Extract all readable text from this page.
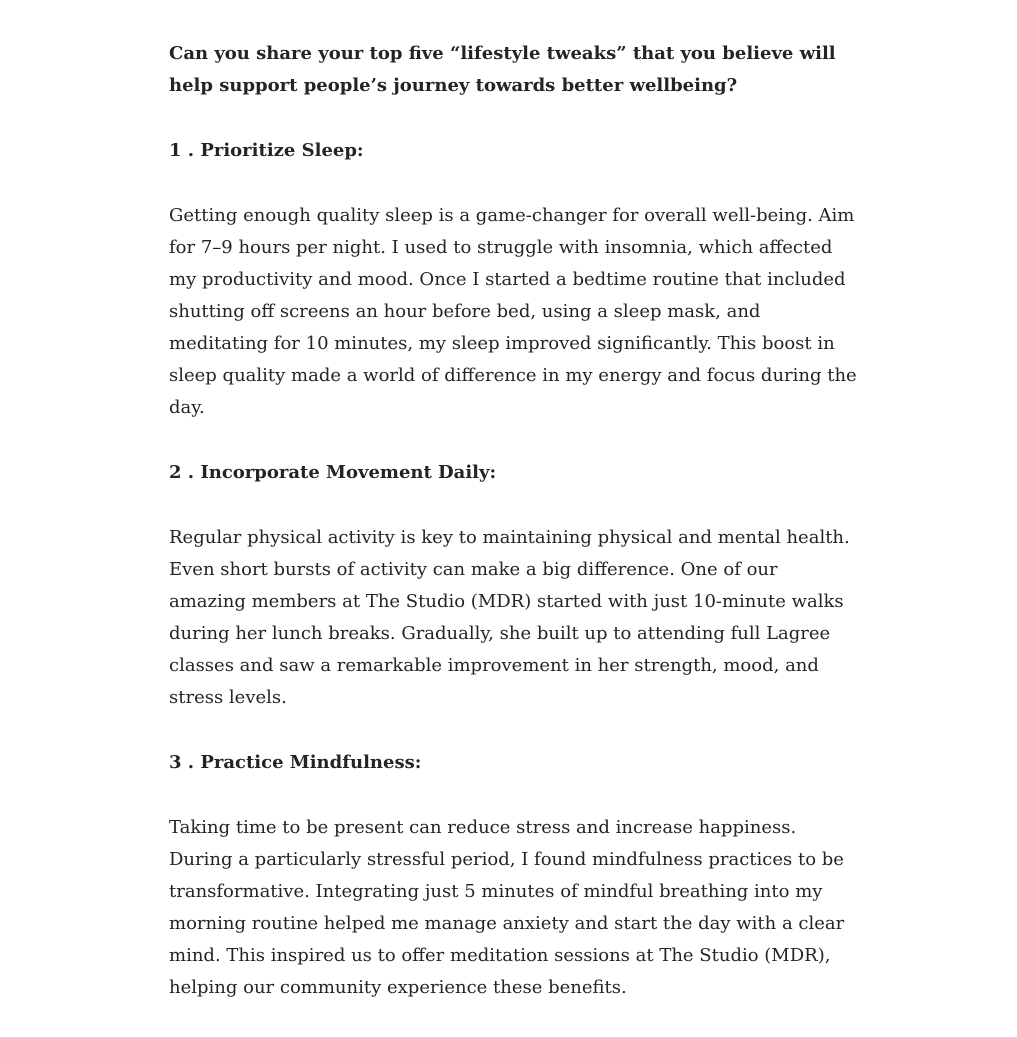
Can you share your top five “lifestyle tweaks” that you believe will help support people’s journey towards better wellbeing?

1 . Prioritize Sleep:

Getting enough quality sleep is a game-changer for overall well-being. Aim for 7–9 hours per night. I used to struggle with insomnia, which affected my productivity and mood. Once I started a bedtime routine that included shutting off screens an hour before bed, using a sleep mask, and meditating for 10 minutes, my sleep improved significantly. This boost in sleep quality made a world of difference in my energy and focus during the day.

2 . Incorporate Movement Daily:

Regular physical activity is key to maintaining physical and mental health. Even short bursts of activity can make a big difference. One of our amazing members at The Studio (MDR) started with just 10-minute walks during her lunch breaks. Gradually, she built up to attending full Lagree classes and saw a remarkable improvement in her strength, mood, and stress levels.

3 . Practice Mindfulness:

Taking time to be present can reduce stress and increase happiness. During a particularly stressful period, I found mindfulness practices to be transformative. Integrating just 5 minutes of mindful breathing into my morning routine helped me manage anxiety and start the day with a clear mind. This inspired us to offer meditation sessions at The Studio (MDR), helping our community experience these benefits.
